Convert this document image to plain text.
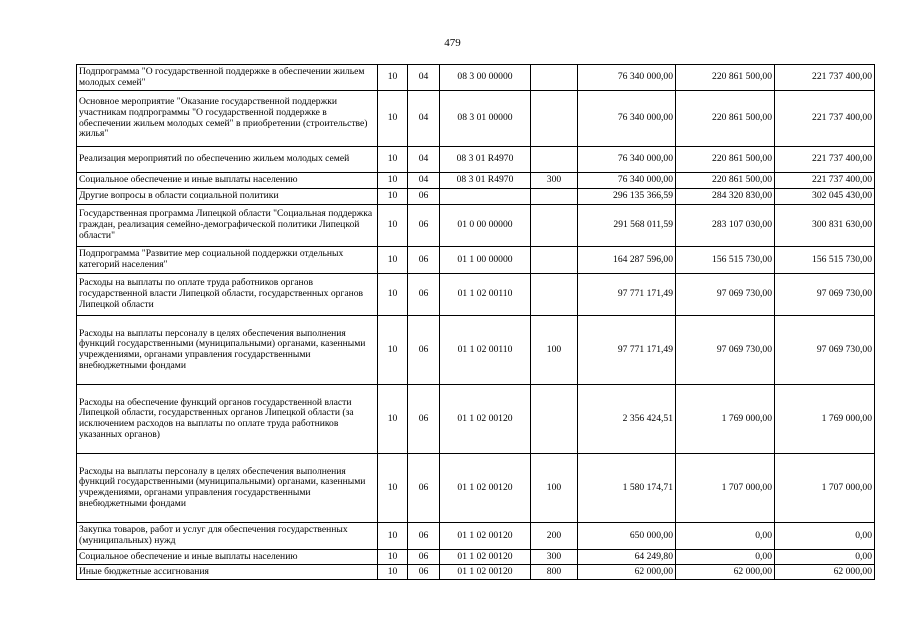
479
Подпрограмма "О государственной поддержке в обеспечении жильем молодых семей"	10	04	08 3 00 00000		76 340 000,00	220 861 500,00	221 737 400,00
Основное мероприятие "Оказание государственной поддержки участникам подпрограммы "О государственной поддержке в обеспечении жильем молодых семей" в приобретении (строительстве) жилья"	10	04	08 3 01 00000		76 340 000,00	220 861 500,00	221 737 400,00
Реализация мероприятий по обеспечению жильем молодых семей	10	04	08 3 01 R4970		76 340 000,00	220 861 500,00	221 737 400,00
Социальное обеспечение и иные выплаты населению	10	04	08 3 01 R4970	300	76 340 000,00	220 861 500,00	221 737 400,00
Другие вопросы в области социальной политики	10	06			296 135 366,59	284 320 830,00	302 045 430,00
Государственная программа Липецкой области "Социальная поддержка граждан, реализация семейно-демографической политики Липецкой области"	10	06	01 0 00 00000		291 568 011,59	283 107 030,00	300 831 630,00
Подпрограмма "Развитие мер социальной поддержки отдельных категорий населения"	10	06	01 1 00 00000		164 287 596,00	156 515 730,00	156 515 730,00
Расходы на выплаты по оплате труда работников органов государственной власти Липецкой области, государственных органов Липецкой области	10	06	01 1 02 00110		97 771 171,49	97 069 730,00	97 069 730,00
Расходы на выплаты персоналу в целях обеспечения выполнения функций государственными (муниципальными) органами, казенными учреждениями, органами управления государственными внебюджетными фондами	10	06	01 1 02 00110	100	97 771 171,49	97 069 730,00	97 069 730,00
Расходы на обеспечение функций органов государственной власти Липецкой области, государственных органов Липецкой области (за исключением расходов на выплаты по оплате труда работников указанных органов)	10	06	01 1 02 00120		2 356 424,51	1 769 000,00	1 769 000,00
Расходы на выплаты персоналу в целях обеспечения выполнения функций государственными (муниципальными) органами, казенными учреждениями, органами управления государственными внебюджетными фондами	10	06	01 1 02 00120	100	1 580 174,71	1 707 000,00	1 707 000,00
Закупка товаров, работ и услуг для обеспечения государственных (муниципальных) нужд	10	06	01 1 02 00120	200	650 000,00	0,00	0,00
Социальное обеспечение и иные выплаты населению	10	06	01 1 02 00120	300	64 249,80	0,00	0,00
Иные бюджетные ассигнования	10	06	01 1 02 00120	800	62 000,00	62 000,00	62 000,00
